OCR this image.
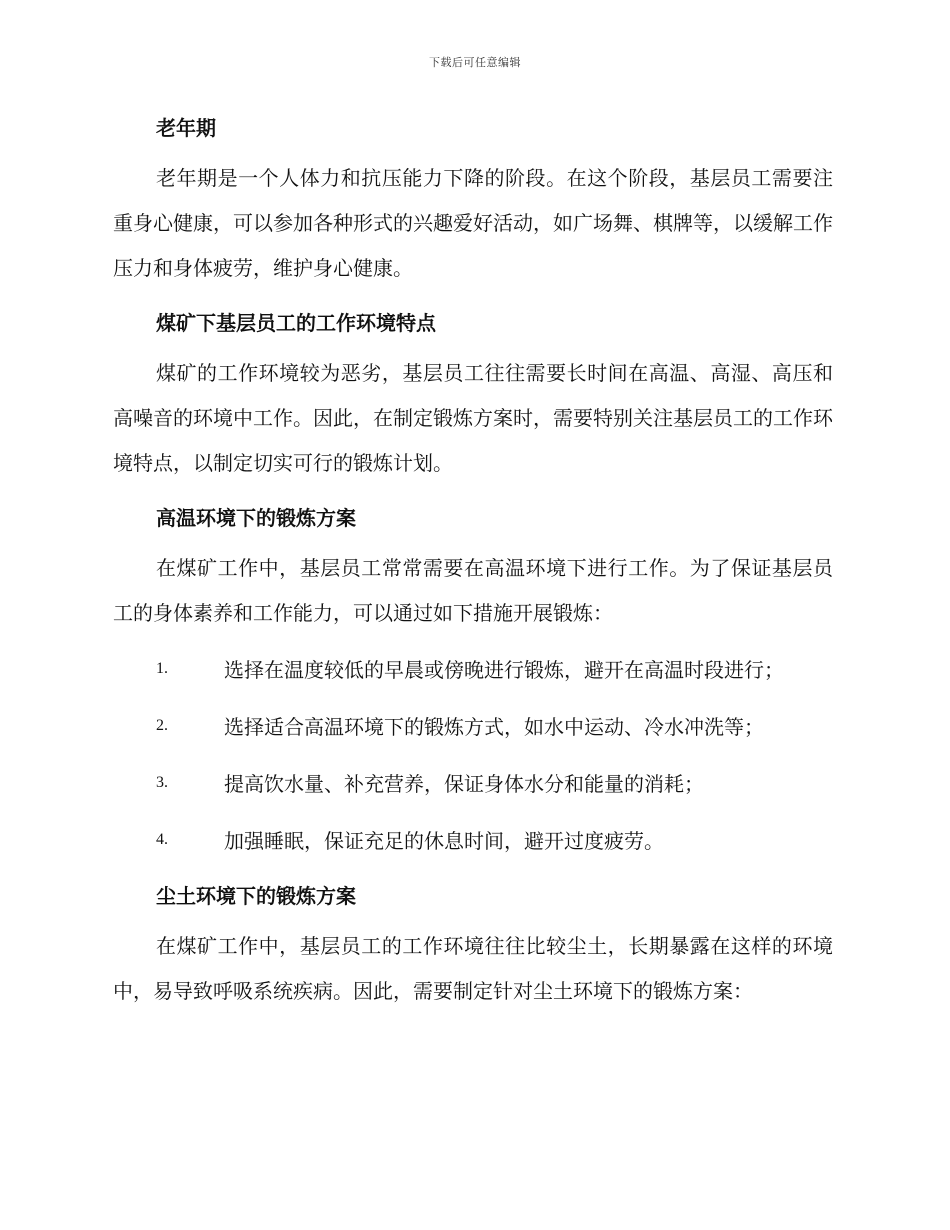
下载后可任意编辑
老年期

老年期是一个人体力和抗压能力下降的阶段。在这个阶段，基层员工需要注重身心健康，可以参加各种形式的兴趣爱好活动，如广场舞、棋牌等，以缓解工作压力和身体疲劳，维护身心健康。

煤矿下基层员工的工作环境特点

煤矿的工作环境较为恶劣，基层员工往往需要长时间在高温、高湿、高压和高噪音的环境中工作。因此，在制定锻炼方案时，需要特别关注基层员工的工作环境特点，以制定切实可行的锻炼计划。

高温环境下的锻炼方案

在煤矿工作中，基层员工常常需要在高温环境下进行工作。为了保证基层员工的身体素养和工作能力，可以通过如下措施开展锻炼：

1.	选择在温度较低的早晨或傍晚进行锻炼，避开在高温时段进行；
2.	选择适合高温环境下的锻炼方式，如水中运动、冷水冲洗等；
3.	提高饮水量、补充营养，保证身体水分和能量的消耗；
4.	加强睡眠，保证充足的休息时间，避开过度疲劳。
尘土环境下的锻炼方案

在煤矿工作中，基层员工的工作环境往往比较尘土，长期暴露在这样的环境中，易导致呼吸系统疾病。因此，需要制定针对尘土环境下的锻炼方案：
